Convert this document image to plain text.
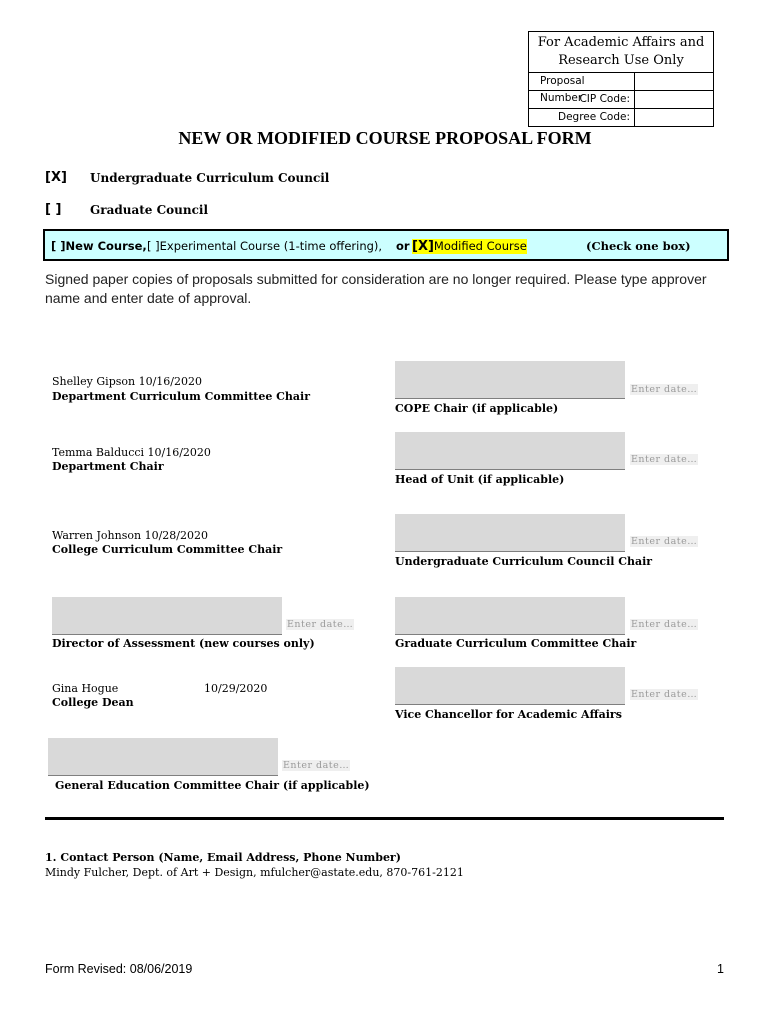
For Academic Affairs and Research Use Only
Proposal Number
CIP Code:
Degree Code:
NEW OR MODIFIED COURSE PROPOSAL FORM
[X] Undergraduate Curriculum Council
[ ] Graduate Council
[ ]New Course, [ ]Experimental Course (1-time offering), or [X]Modified Course	(Check one box)
Signed paper copies of proposals submitted for consideration are no longer required. Please type approver name and enter date of approval.
Shelley Gipson 10/16/2020
Department Curriculum Committee Chair
Temma Balducci 10/16/2020
Department Chair
Warren Johnson 10/28/2020
College Curriculum Committee Chair
Enter date…
Director of Assessment (new courses only)
Gina Hogue	10/29/2020
College Dean
Enter date…
General Education Committee Chair (if applicable)
Enter date…
COPE Chair (if applicable)
Enter date…
Head of Unit (if applicable)
Enter date…
Undergraduate Curriculum Council Chair
Enter date…
Graduate Curriculum Committee Chair
Enter date…
Vice Chancellor for Academic Affairs
1. Contact Person (Name, Email Address, Phone Number)
Mindy Fulcher, Dept. of Art + Design, mfulcher@astate.edu, 870-761-2121
Form Revised: 08/06/2019	1
